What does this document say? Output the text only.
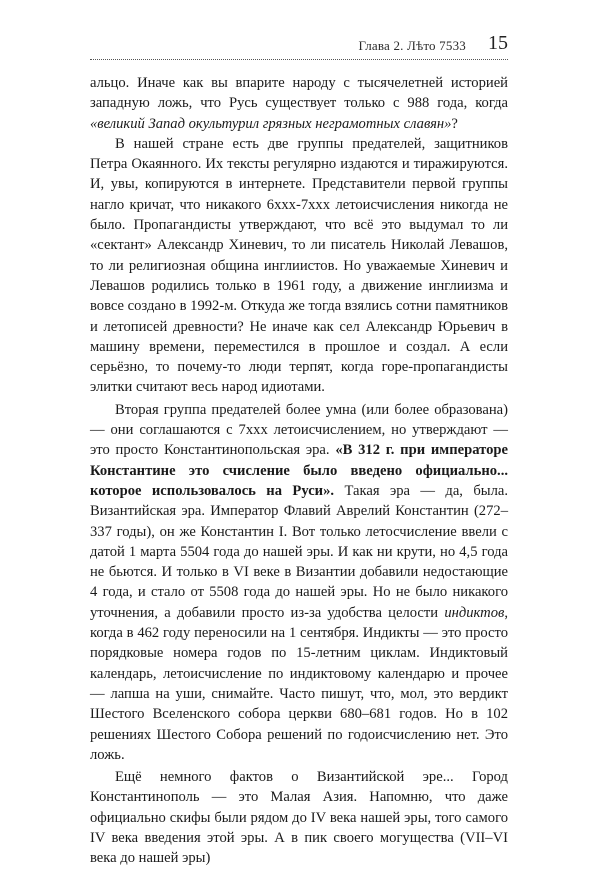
Глава 2. Лѣто 7533 15

альцо. Иначе как вы впарите народу с тысячелетней историей западную ложь, что Русь существует только с 988 года, когда «великий Запад окультурил грязных неграмотных славян»?

В нашей стране есть две группы предателей, защитников Петра Окаянного. Их тексты регулярно издаются и тиражируются. И, увы, копируются в интернете. Представители первой группы нагло кричат, что никакого 6ххх-7ххх летоисчисления никогда не было. Пропагандисты утверждают, что всё это выдумал то ли «сектант» Александр Хиневич, то ли писатель Николай Левашов, то ли религиозная община инглиистов. Но уважаемые Хиневич и Левашов родились только в 1961 году, а движение инглиизма и вовсе создано в 1992-м. Откуда же тогда взялись сотни памятников и летописей древности? Не иначе как сел Александр Юрьевич в машину времени, переместился в прошлое и создал. А если серьёзно, то почему-то люди терпят, когда горе-пропагандисты элитки считают весь народ идиотами.

Вторая группа предателей более умна (или более образована) — они соглашаются с 7ххх летоисчислением, но утверждают — это просто Константинопольская эра. «В 312 г. при императоре Константине это счисление было введено официально... которое использовалось на Руси». Такая эра — да, была. Византийская эра. Император Флавий Аврелий Константин (272–337 годы), он же Константин I. Вот только летосчисление ввели с датой 1 марта 5504 года до нашей эры. И как ни крути, но 4,5 года не бьются. И только в VI веке в Византии добавили недостающие 4 года, и стало от 5508 года до нашей эры. Но не было никакого уточнения, а добавили просто из-за удобства целости индиктов, когда в 462 году переносили на 1 сентября. Индикты — это просто порядковые номера годов по 15-летним циклам. Индиктовый календарь, летоисчисление по индиктовому календарю и прочее — лапша на уши, снимайте. Часто пишут, что, мол, это вердикт Шестого Вселенского собора церкви 680–681 годов. Но в 102 решениях Шестого Собора решений по годоисчислению нет. Это ложь.

Ещё немного фактов о Византийской эре... Город Константинополь — это Малая Азия. Напомню, что даже официально скифы были рядом до IV века нашей эры, того самого IV века введения этой эры. А в пик своего могущества (VII–VI века до нашей эры)
